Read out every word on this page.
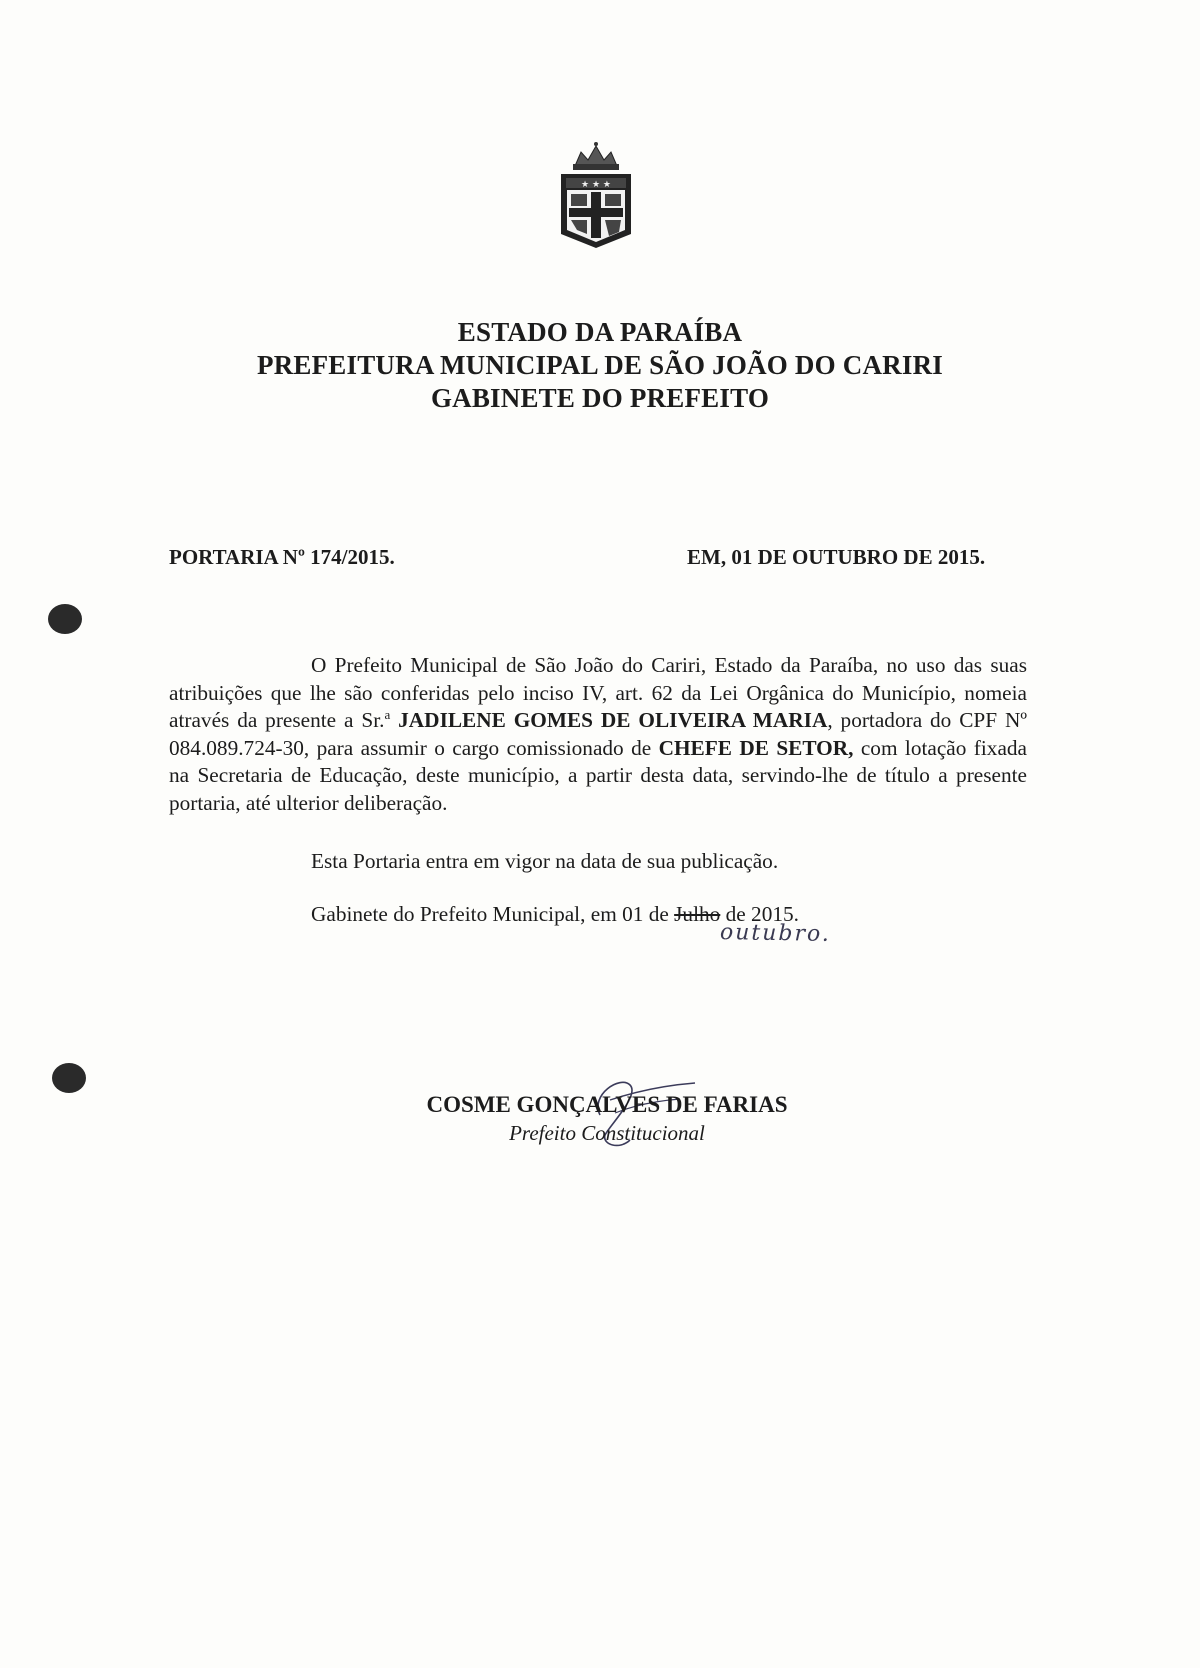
★ ★ ★
ESTADO DA PARAÍBA
PREFEITURA MUNICIPAL DE SÃO JOÃO DO CARIRI
GABINETE DO PREFEITO
PORTARIA Nº 174/2015.	EM, 01 DE OUTUBRO DE 2015.
O Prefeito Municipal de São João do Cariri, Estado da Paraíba, no uso das suas atribuições que lhe são conferidas pelo inciso IV, art. 62 da Lei Orgânica do Município, nomeia através da presente a Sr.$^a$ JADILENE GOMES DE OLIVEIRA MARIA, portadora do CPF Nº 084.089.724-30, para assumir o cargo comissionado de CHEFE DE SETOR, com lotação fixada na Secretaria de Educação, deste município, a partir desta data, servindo-lhe de título a presente portaria, até ulterior deliberação.
Esta Portaria entra em vigor na data de sua publicação.
Gabinete do Prefeito Municipal, em 01 de Julho de 2015.
outubro.
COSME GONÇALVES DE FARIAS
Prefeito Constitucional
